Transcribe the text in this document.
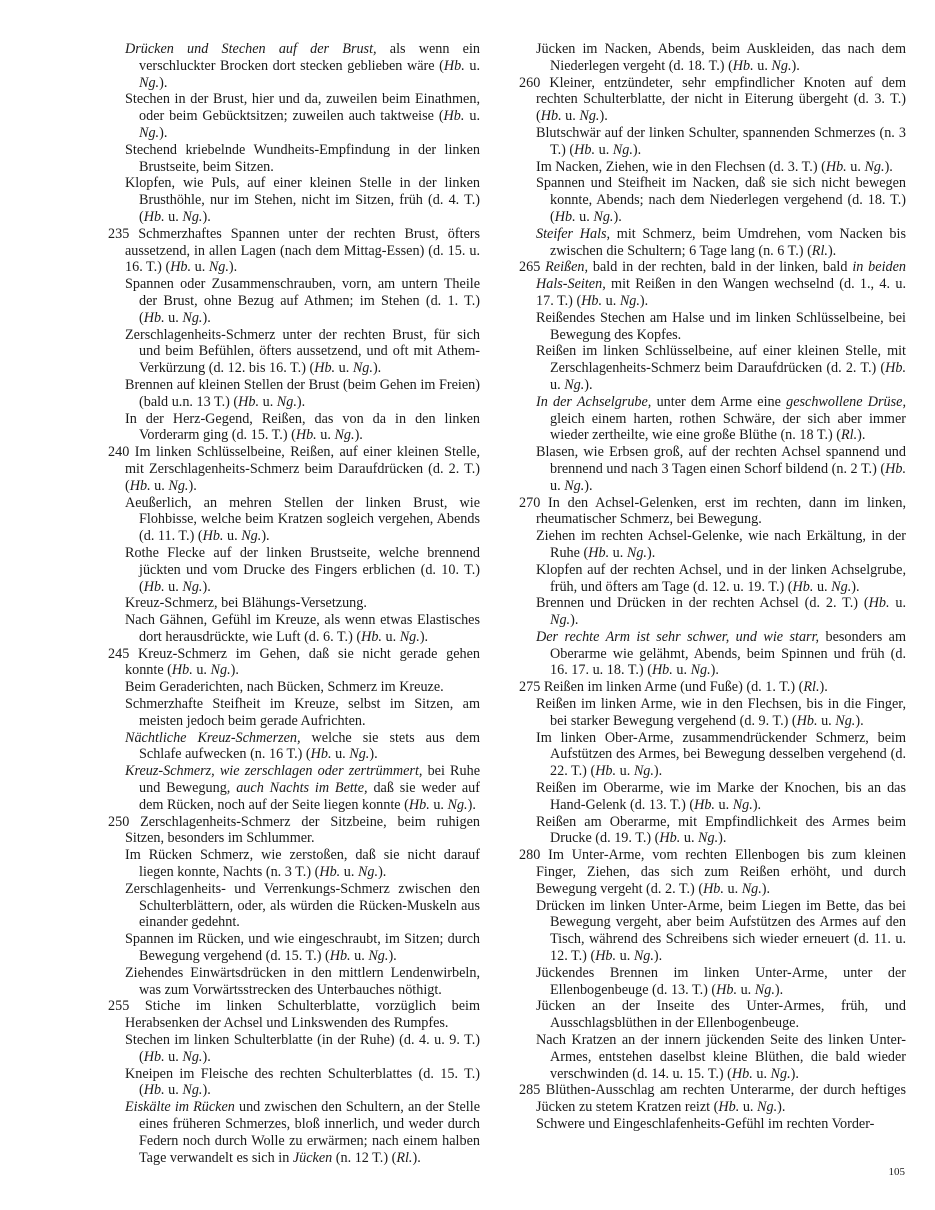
Drücken und Stechen auf der Brust, als wenn ein verschluckter Brocken dort stecken geblieben wäre (Hb. u. Ng.).

Stechen in der Brust, hier und da, zuweilen beim Einathmen, oder beim Gebücktsitzen; zuweilen auch taktweise (Hb. u. Ng.).

Stechend kriebelnde Wundheits-Empfindung in der linken Brustseite, beim Sitzen.

Klopfen, wie Puls, auf einer kleinen Stelle in der linken Brusthöhle, nur im Stehen, nicht im Sitzen, früh (d. 4. T.) (Hb. u. Ng.).

235 Schmerzhaftes Spannen unter der rechten Brust, öfters aussetzend, in allen Lagen (nach dem Mittag-Essen) (d. 15. u. 16. T.) (Hb. u. Ng.).

Spannen oder Zusammenschrauben, vorn, am untern Theile der Brust, ohne Bezug auf Athmen; im Stehen (d. 1. T.) (Hb. u. Ng.).

Zerschlagenheits-Schmerz unter der rechten Brust, für sich und beim Befühlen, öfters aussetzend, und oft mit Athem-Verkürzung (d. 12. bis 16. T.) (Hb. u. Ng.).

Brennen auf kleinen Stellen der Brust (beim Gehen im Freien) (bald u.n. 13 T.) (Hb. u. Ng.).

In der Herz-Gegend, Reißen, das von da in den linken Vorderarm ging (d. 15. T.) (Hb. u. Ng.).

240 Im linken Schlüsselbeine, Reißen, auf einer kleinen Stelle, mit Zerschlagenheits-Schmerz beim Daraufdrücken (d. 2. T.) (Hb. u. Ng.).

Aeußerlich, an mehren Stellen der linken Brust, wie Flohbisse, welche beim Kratzen sogleich vergehen, Abends (d. 11. T.) (Hb. u. Ng.).

Rothe Flecke auf der linken Brustseite, welche brennend jückten und vom Drucke des Fingers erblichen (d. 10. T.) (Hb. u. Ng.).

Kreuz-Schmerz, bei Blähungs-Versetzung.

Nach Gähnen, Gefühl im Kreuze, als wenn etwas Elastisches dort herausdrückte, wie Luft (d. 6. T.) (Hb. u. Ng.).

245 Kreuz-Schmerz im Gehen, daß sie nicht gerade gehen konnte (Hb. u. Ng.).

Beim Geraderichten, nach Bücken, Schmerz im Kreuze.

Schmerzhafte Steifheit im Kreuze, selbst im Sitzen, am meisten jedoch beim gerade Aufrichten.

Nächtliche Kreuz-Schmerzen, welche sie stets aus dem Schlafe aufwecken (n. 16 T.) (Hb. u. Ng.).

Kreuz-Schmerz, wie zerschlagen oder zertrümmert, bei Ruhe und Bewegung, auch Nachts im Bette, daß sie weder auf dem Rücken, noch auf der Seite liegen konnte (Hb. u. Ng.).

250 Zerschlagenheits-Schmerz der Sitzbeine, beim ruhigen Sitzen, besonders im Schlummer.

Im Rücken Schmerz, wie zerstoßen, daß sie nicht darauf liegen konnte, Nachts (n. 3 T.) (Hb. u. Ng.).

Zerschlagenheits- und Verrenkungs-Schmerz zwischen den Schulterblättern, oder, als würden die Rücken-Muskeln aus einander gedehnt.

Spannen im Rücken, und wie eingeschraubt, im Sitzen; durch Bewegung vergehend (d. 15. T.) (Hb. u. Ng.).

Ziehendes Einwärtsdrücken in den mittlern Lendenwirbeln, was zum Vorwärtsstrecken des Unterbauches nöthigt.

255 Stiche im linken Schulterblatte, vorzüglich beim Herabsenken der Achsel und Linkswenden des Rumpfes.

Stechen im linken Schulterblatte (in der Ruhe) (d. 4. u. 9. T.) (Hb. u. Ng.).

Kneipen im Fleische des rechten Schulterblattes (d. 15. T.) (Hb. u. Ng.).

Eiskälte im Rücken und zwischen den Schultern, an der Stelle eines früheren Schmerzes, bloß innerlich, und weder durch Federn noch durch Wolle zu erwärmen; nach einem halben Tage verwandelt es sich in Jücken (n. 12 T.) (Rl.).

Jücken im Nacken, Abends, beim Auskleiden, das nach dem Niederlegen vergeht (d. 18. T.) (Hb. u. Ng.).

260 Kleiner, entzündeter, sehr empfindlicher Knoten auf dem rechten Schulterblatte, der nicht in Eiterung übergeht (d. 3. T.) (Hb. u. Ng.).

Blutschwär auf der linken Schulter, spannenden Schmerzes (n. 3 T.) (Hb. u. Ng.).

Im Nacken, Ziehen, wie in den Flechsen (d. 3. T.) (Hb. u. Ng.).

Spannen und Steifheit im Nacken, daß sie sich nicht bewegen konnte, Abends; nach dem Niederlegen vergehend (d. 18. T.) (Hb. u. Ng.).

Steifer Hals, mit Schmerz, beim Umdrehen, vom Nacken bis zwischen die Schultern; 6 Tage lang (n. 6 T.) (Rl.).

265 Reißen, bald in der rechten, bald in der linken, bald in beiden Hals-Seiten, mit Reißen in den Wangen wechselnd (d. 1., 4. u. 17. T.) (Hb. u. Ng.).

Reißendes Stechen am Halse und im linken Schlüsselbeine, bei Bewegung des Kopfes.

Reißen im linken Schlüsselbeine, auf einer kleinen Stelle, mit Zerschlagenheits-Schmerz beim Daraufdrücken (d. 2. T.) (Hb. u. Ng.).

In der Achselgrube, unter dem Arme eine geschwollene Drüse, gleich einem harten, rothen Schwäre, der sich aber immer wieder zertheilte, wie eine große Blüthe (n. 18 T.) (Rl.).

Blasen, wie Erbsen groß, auf der rechten Achsel spannend und brennend und nach 3 Tagen einen Schorf bildend (n. 2 T.) (Hb. u. Ng.).

270 In den Achsel-Gelenken, erst im rechten, dann im linken, rheumatischer Schmerz, bei Bewegung.

Ziehen im rechten Achsel-Gelenke, wie nach Erkältung, in der Ruhe (Hb. u. Ng.).

Klopfen auf der rechten Achsel, und in der linken Achselgrube, früh, und öfters am Tage (d. 12. u. 19. T.) (Hb. u. Ng.).

Brennen und Drücken in der rechten Achsel (d. 2. T.) (Hb. u. Ng.).

Der rechte Arm ist sehr schwer, und wie starr, besonders am Oberarme wie gelähmt, Abends, beim Spinnen und früh (d. 16. 17. u. 18. T.) (Hb. u. Ng.).

275 Reißen im linken Arme (und Fuße) (d. 1. T.) (Rl.).

Reißen im linken Arme, wie in den Flechsen, bis in die Finger, bei starker Bewegung vergehend (d. 9. T.) (Hb. u. Ng.).

Im linken Ober-Arme, zusammendrückender Schmerz, beim Aufstützen des Armes, bei Bewegung desselben vergehend (d. 22. T.) (Hb. u. Ng.).

Reißen im Oberarme, wie im Marke der Knochen, bis an das Hand-Gelenk (d. 13. T.) (Hb. u. Ng.).

Reißen am Oberarme, mit Empfindlichkeit des Armes beim Drucke (d. 19. T.) (Hb. u. Ng.).

280 Im Unter-Arme, vom rechten Ellenbogen bis zum kleinen Finger, Ziehen, das sich zum Reißen erhöht, und durch Bewegung vergeht (d. 2. T.) (Hb. u. Ng.).

Drücken im linken Unter-Arme, beim Liegen im Bette, das bei Bewegung vergeht, aber beim Aufstützen des Armes auf den Tisch, während des Schreibens sich wieder erneuert (d. 11. u. 12. T.) (Hb. u. Ng.).

Jückendes Brennen im linken Unter-Arme, unter der Ellenbogenbeuge (d. 13. T.) (Hb. u. Ng.).

Jücken an der Inseite des Unter-Armes, früh, und Ausschlagsblüthen in der Ellenbogenbeuge.

Nach Kratzen an der innern jückenden Seite des linken Unter-Armes, entstehen daselbst kleine Blüthen, die bald wieder verschwinden (d. 14. u. 15. T.) (Hb. u. Ng.).

285 Blüthen-Ausschlag am rechten Unterarme, der durch heftiges Jücken zu stetem Kratzen reizt (Hb. u. Ng.).

Schwere und Eingeschlafenheits-Gefühl im rechten Vorder-

105
